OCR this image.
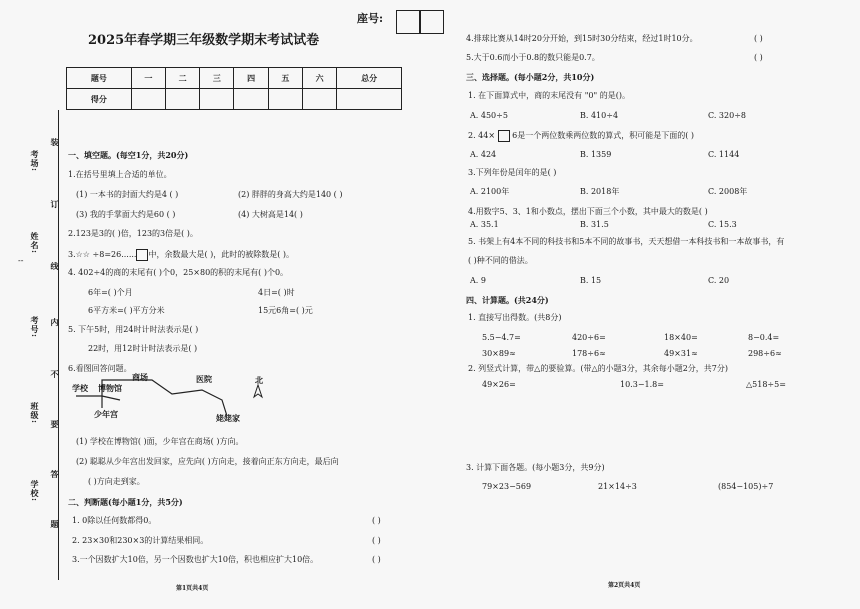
装
订
线
内
不
要
答
题
考场:
姓名:
考号:
班级:
学校:
--
2025年春学期三年级数学期末考试试卷
座号:
题号	一	二	三	四	五	六	总分
得分							
一、填空题。(每空1分，共20分)
1.在括号里填上合适的单位。
(1) 一本书的封面大约是4 ( )	(2) 胖胖的身高大约是140 ( )
(3) 我的手掌面大约是60 ( )	(4) 大树高是14( )
2.123是3的( )倍，123的3倍是( )。
3.☆☆ ÷8=26...... 中，余数最大是( )，此时的被除数是( )。
4. 402÷4的商的末尾有( )个0，25×80的积的末尾有( )个0。
6年=( )个月	4日=( )时
6平方米=( )平方分米	15元6角=( )元
5. 下午5时，用24时计时法表示是( )
22时，用12时计时法表示是( )
6.看图回答问题。
学校 博物馆
商场	医院
少年宫	姥姥家
北
(1) 学校在博物馆( )面，少年宫在商场( )方向。
(2) 聪聪从少年宫出发回家，应先向( )方向走，接着向正东方向走，最后向
( )方向走到家。
二、判断题(每小题1分，共5分)
1. 0除以任何数都得0。	( )
2. 23×30和230×3的计算结果相同。	( )
3.一个因数扩大10倍，另一个因数也扩大10倍，积也相应扩大10倍。	( )
第1页共4页
4.排球比赛从14时20分开始，到15时30分结束，经过1时10分。	( )
5.大于0.6而小于0.8的数只能是0.7。	( )
三、选择题。(每小题2分，共10分)
1. 在下面算式中，商的末尾没有 "0" 的是()。
A. 450÷5	B. 410÷4	C. 320÷8
2. 44× 6是一个两位数乘两位数的算式，积可能是下面的( )
A. 424	B. 1359	C. 1144
3.下列年份是闰年的是( )
A. 2100年	B. 2018年	C. 2008年
4.用数字5、3、1和小数点，摆出下面三个小数，其中最大的数是( )
A. 35.1	B. 31.5	C. 15.3
5. 书架上有4本不同的科技书和5本不同的故事书，天天想借一本科技书和一本故事书，有
( )种不同的借法。
A. 9	B. 15	C. 20
四、计算题。(共24分)
1. 直接写出得数。(共8分)
5.5−4.7=	420÷6=	18×40=	8−0.4=
30×89≈	178÷6≈	49×31≈	298÷6≈
2. 列竖式计算，带△的要验算。(带△的小题3分，其余每小题2分，共7分)
49×26=	10.3−1.8=	△518÷5=
3. 计算下面各题。(每小题3分，共9分)
79×23−569	21×14÷3	(854−105)÷7
第2页共4页
